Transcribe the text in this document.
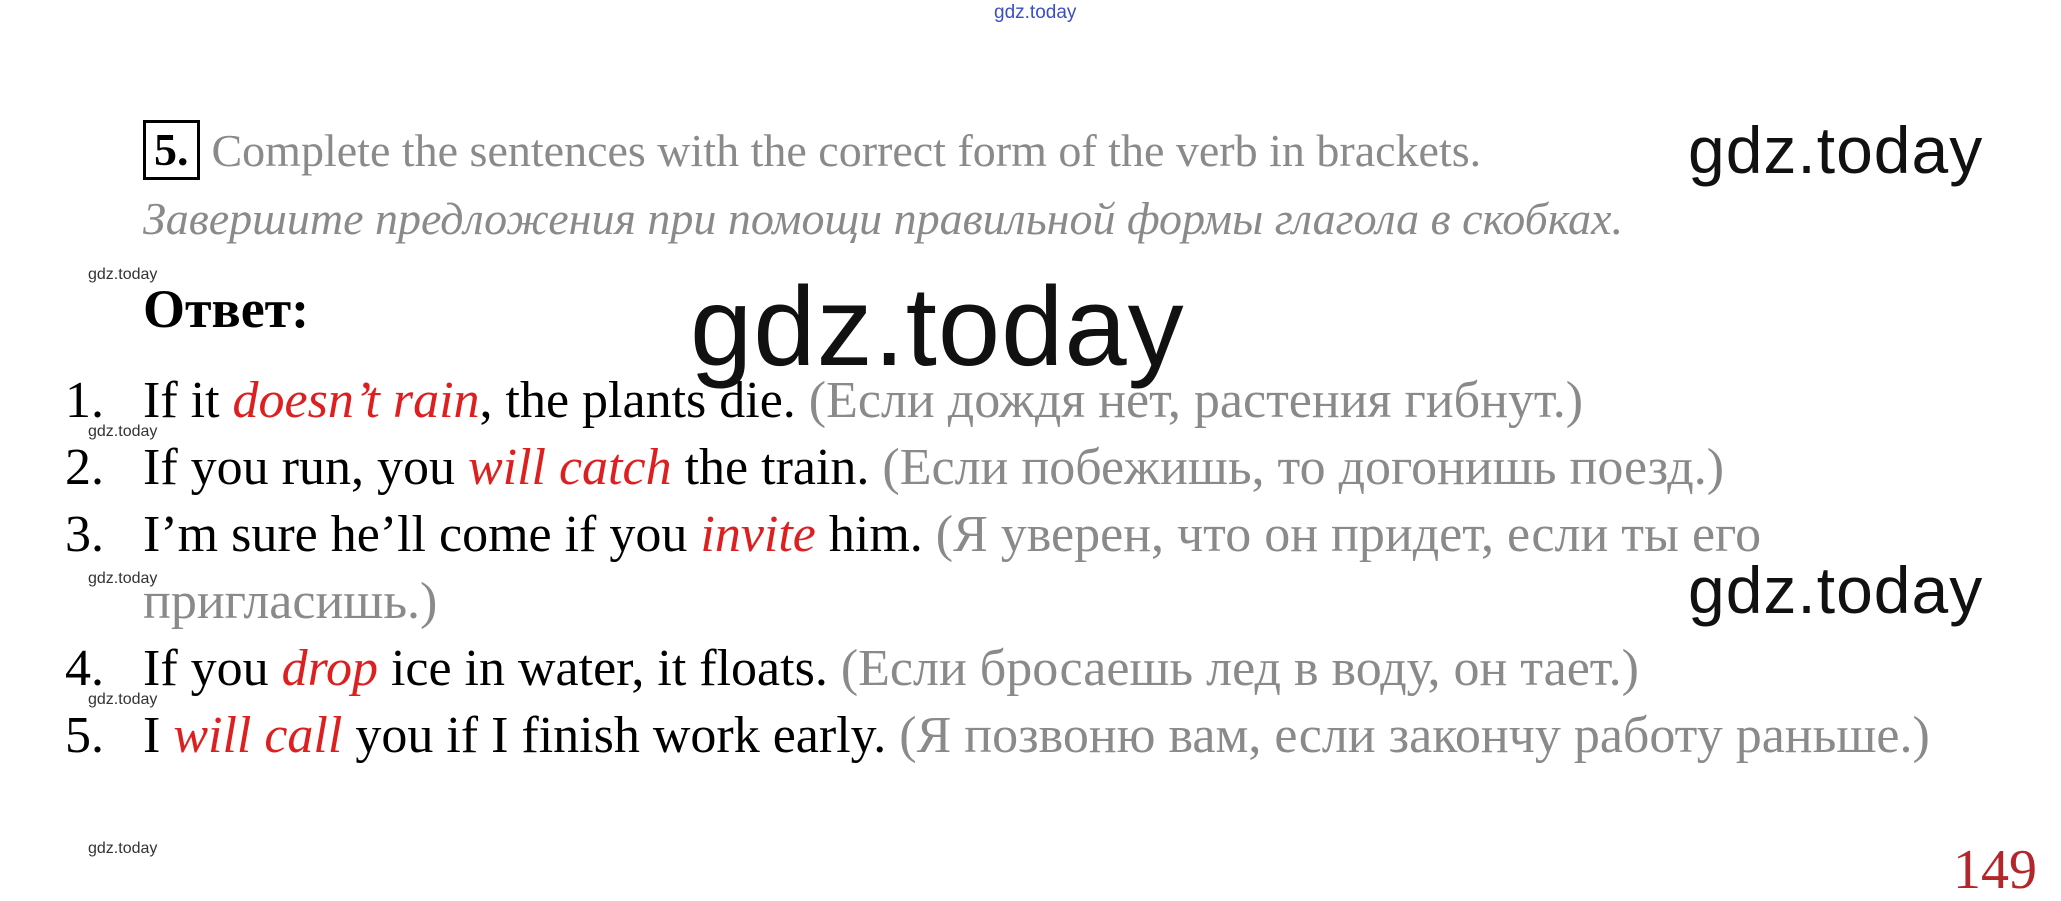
gdz.today
gdz.today
gdz.today
gdz.today
gdz.today
gdz.today
5. Complete the sentences with the correct form of the verb in brackets.
Завершите предложения при помощи правильной формы глагола в скобках.
Ответ:
1. If it doesn’t rain, the plants die. (Если дождя нет, растения гибнут.)
2. If you run, you will catch the train. (Если побежишь, то догонишь поезд.)
3. I’m sure he’ll come if you invite him. (Я уверен, что он придет, если ты его пригласишь.)
4. If you drop ice in water, it floats. (Если бросаешь лед в воду, он тает.)
5. I will call you if I finish work early. (Я позвоню вам, если закончу работу раньше.)
gdz.today
gdz.today
gdz.today
149
